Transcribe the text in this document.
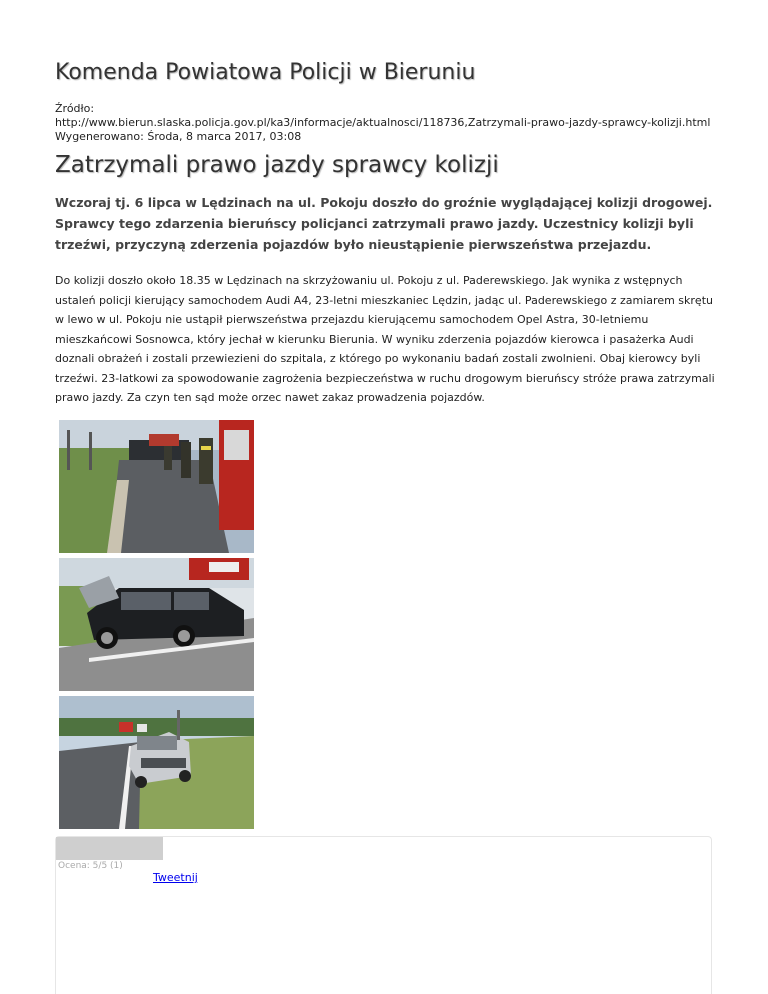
Komenda Powiatowa Policji w Bieruniu
Źródło:
http://www.bierun.slaska.policja.gov.pl/ka3/informacje/aktualnosci/118736,Zatrzymali-prawo-jazdy-sprawcy-kolizji.html
Wygenerowano: Środa, 8 marca 2017, 03:08
Zatrzymali prawo jazdy sprawcy kolizji

Wczoraj tj. 6 lipca w Lędzinach na ul. Pokoju doszło do groźnie wyglądającej kolizji drogowej. Sprawcy tego zdarzenia bieruńscy policjanci zatrzymali prawo jazdy. Uczestnicy kolizji byli trzeźwi, przyczyną zderzenia pojazdów było nieustąpienie pierwszeństwa przejazdu.

Do kolizji doszło około 18.35 w Lędzinach na skrzyżowaniu ul. Pokoju z ul. Paderewskiego. Jak wynika z wstępnych ustaleń policji kierujący samochodem Audi A4, 23-letni mieszkaniec Lędzin, jadąc ul. Paderewskiego z zamiarem skrętu w lewo w ul. Pokoju nie ustąpił pierwszeństwa przejazdu kierującemu samochodem Opel Astra, 30-letniemu mieszkańcowi Sosnowca, który jechał w kierunku Bierunia. W wyniku zderzenia pojazdów kierowca i pasażerka Audi doznali obrażeń i zostali przewiezieni do szpitala, z którego po wykonaniu badań zostali zwolnieni. Obaj kierowcy byli trzeźwi. 23-latkowi za spowodowanie zagrożenia bezpieczeństwa w ruchu drogowym bieruńscy stróże prawa zatrzymali prawo jazdy. Za czyn ten sąd może orzec nawet zakaz prowadzenia pojazdów.

Ocena: 5/5 (1)
Tweetnij
